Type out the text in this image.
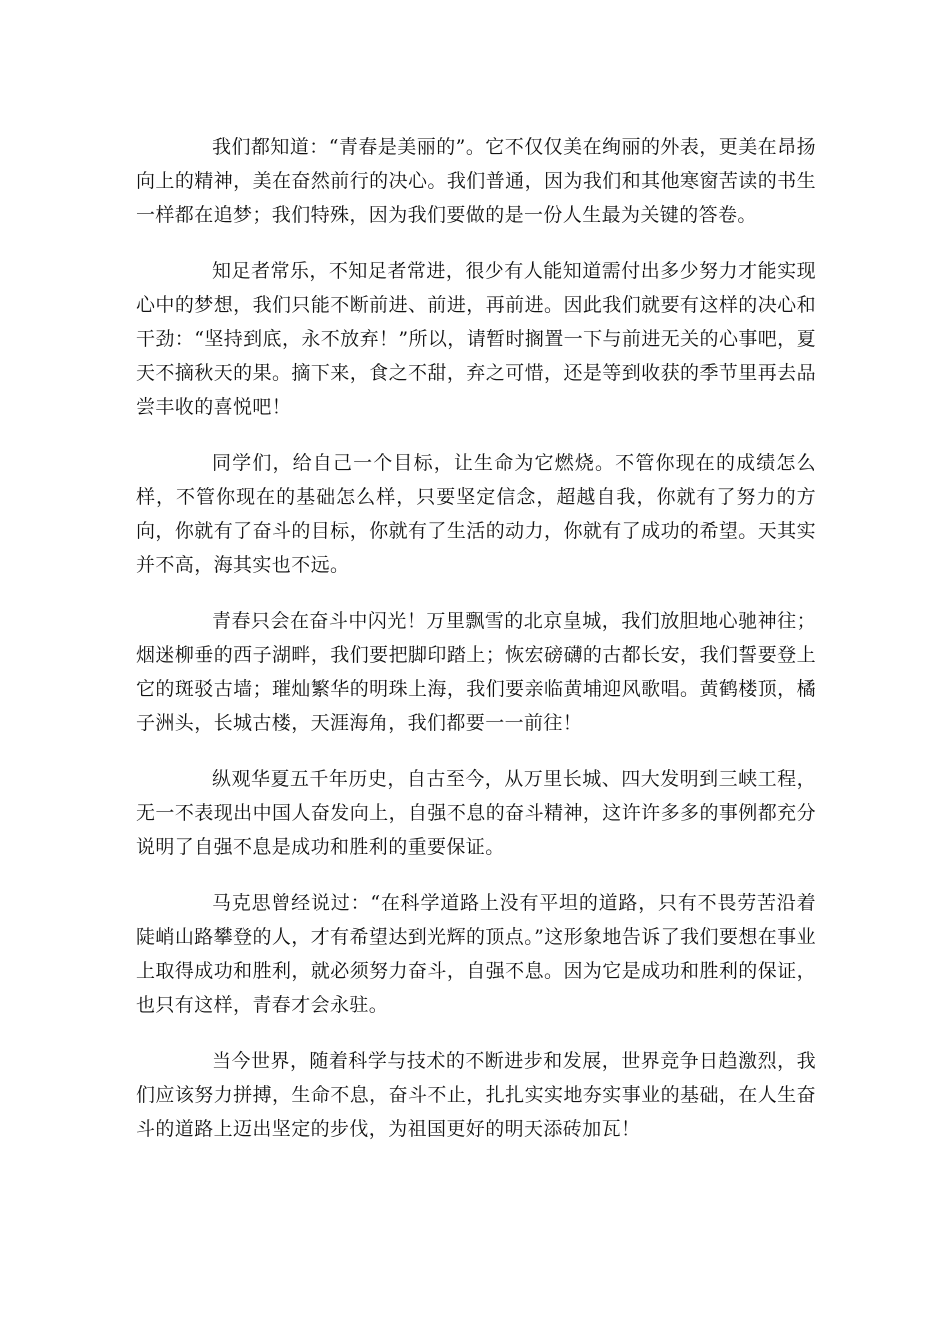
我们都知道：“青春是美丽的”。它不仅仅美在绚丽的外表，更美在昂扬向上的精神，美在奋然前行的决心。我们普通，因为我们和其他寒窗苦读的书生一样都在追梦；我们特殊，因为我们要做的是一份人生最为关键的答卷。

知足者常乐，不知足者常进，很少有人能知道需付出多少努力才能实现心中的梦想，我们只能不断前进、前进，再前进。因此我们就要有这样的决心和干劲：“坚持到底，永不放弃！”所以，请暂时搁置一下与前进无关的心事吧，夏天不摘秋天的果。摘下来，食之不甜，弃之可惜，还是等到收获的季节里再去品尝丰收的喜悦吧！

同学们，给自己一个目标，让生命为它燃烧。不管你现在的成绩怎么样，不管你现在的基础怎么样，只要坚定信念，超越自我，你就有了努力的方向，你就有了奋斗的目标，你就有了生活的动力，你就有了成功的希望。天其实并不高，海其实也不远。

青春只会在奋斗中闪光！万里飘雪的北京皇城，我们放胆地心驰神往；烟迷柳垂的西子湖畔，我们要把脚印踏上；恢宏磅礴的古都长安，我们誓要登上它的斑驳古墙；璀灿繁华的明珠上海，我们要亲临黄埔迎风歌唱。黄鹤楼顶，橘子洲头，长城古楼，天涯海角，我们都要一一前往！

纵观华夏五千年历史，自古至今，从万里长城、四大发明到三峡工程，无一不表现出中国人奋发向上，自强不息的奋斗精神，这许许多多的事例都充分说明了自强不息是成功和胜利的重要保证。

马克思曾经说过：“在科学道路上没有平坦的道路，只有不畏劳苦沿着陡峭山路攀登的人，才有希望达到光辉的顶点。”这形象地告诉了我们要想在事业上取得成功和胜利，就必须努力奋斗，自强不息。因为它是成功和胜利的保证，也只有这样，青春才会永驻。

当今世界，随着科学与技术的不断进步和发展，世界竞争日趋激烈，我们应该努力拼搏，生命不息，奋斗不止，扎扎实实地夯实事业的基础，在人生奋斗的道路上迈出坚定的步伐，为祖国更好的明天添砖加瓦！
